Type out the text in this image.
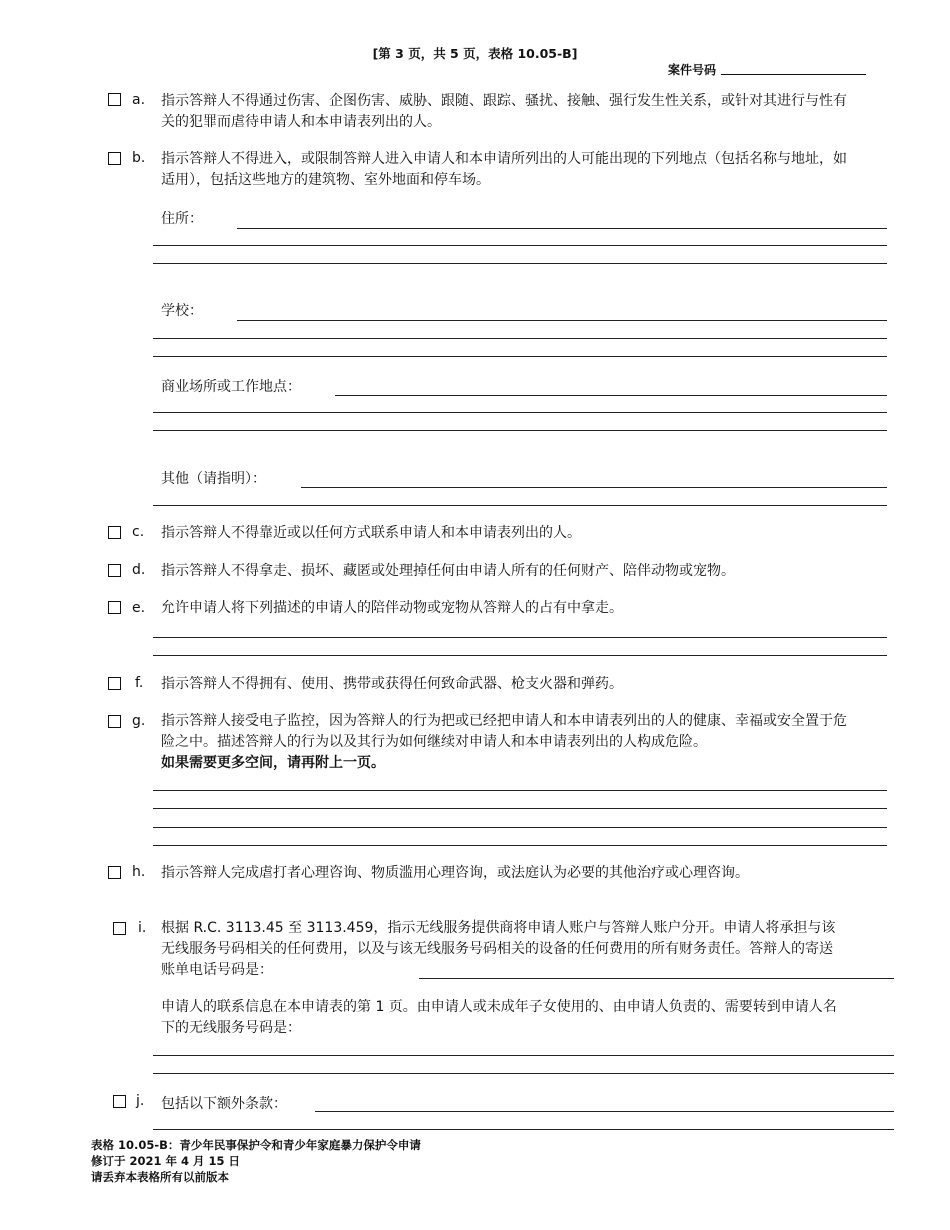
[第 3 页，共 5 页，表格 10.05-B]
案件号码
a. 指示答辩人不得通过伤害、企图伤害、威胁、跟随、跟踪、骚扰、接触、强行发生性关系，或针对其进行与性有关的犯罪而虐待申请人和本申请表列出的人。
b. 指示答辩人不得进入，或限制答辩人进入申请人和本申请所列出的人可能出现的下列地点（包括名称与地址，如适用），包括这些地方的建筑物、室外地面和停车场。
住所：
学校：
商业场所或工作地点：
其他（请指明）：
c. 指示答辩人不得靠近或以任何方式联系申请人和本申请表列出的人。
d. 指示答辩人不得拿走、损坏、藏匿或处理掉任何由申请人所有的任何财产、陪伴动物或宠物。
e. 允许申请人将下列描述的申请人的陪伴动物或宠物从答辩人的占有中拿走。
f. 指示答辩人不得拥有、使用、携带或获得任何致命武器、枪支火器和弹药。
g. 指示答辩人接受电子监控，因为答辩人的行为把或已经把申请人和本申请表列出的人的健康、幸福或安全置于危险之中。描述答辩人的行为以及其行为如何继续对申请人和本申请表列出的人构成危险。
如果需要更多空间，请再附上一页。
h. 指示答辩人完成虐打者心理咨询、物质滥用心理咨询，或法庭认为必要的其他治疗或心理咨询。
i. 根据 R.C. 3113.45 至 3113.459，指示无线服务提供商将申请人账户与答辩人账户分开。申请人将承担与该无线服务号码相关的任何费用，以及与该无线服务号码相关的设备的任何费用的所有财务责任。答辩人的寄送账单电话号码是：
申请人的联系信息在本申请表的第 1 页。由申请人或未成年子女使用的、由申请人负责的、需要转到申请人名下的无线服务号码是：
j. 包括以下额外条款：
表格 10.05-B：青少年民事保护令和青少年家庭暴力保护令申请
修订于 2021 年 4 月 15 日
请丢弃本表格所有以前版本
